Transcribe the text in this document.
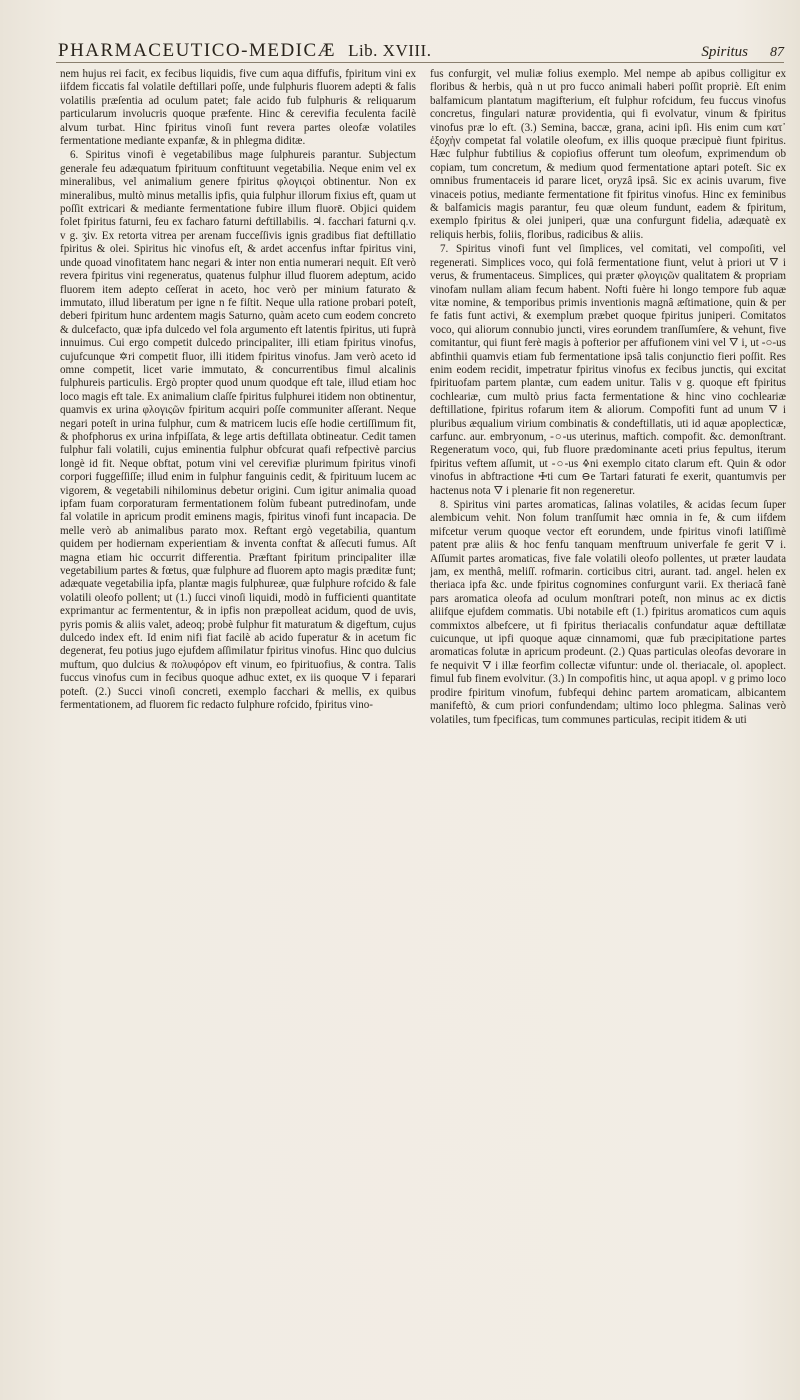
PHARMACEUTICO-MEDICÆ Lib. XVIII.	Spiritus 87

nem hujus rei facit, ex fecibus liquidis, five cum aqua diffufis, fpiritum vini ex iifdem ficcatis fal volatile deftillari poſſe, unde fulphuris fluorem adepti & falis volatilis præſentia ad oculum patet; fale acido fub fulphuris & reliquarum particularum involucris quoque præfente. Hinc & cerevifia feculenta facilè alvum turbat. Hinc fpiritus vinoſi funt revera partes oleofæ volatiles fermentatione mediante expanfæ, & in phlegma diditæ.

6. Spiritus vinofi è vegetabilibus mage ſulphureis parantur. Subjectum generale feu adæquatum fpirituum conftituunt vegetabilia. Neque enim vel ex mineralibus, vel animalium genere fpiritus φλογιςοὶ obtinentur. Non ex mineralibus, multò minus metallis ipfis, quia fulphur illorum fixius eft, quam ut poſſit extricari & mediante fermentatione fubire illum fluorē. Objici quidem folet fpiritus faturni, feu ex facharo faturni deftillabilis. ♃. facchari faturni q.v. v g. ʒiv. Ex retorta vitrea per arenam fucceſſivis ignis gradibus fiat deftillatio fpiritus & olei. Spiritus hic vinofus eſt, & ardet accenfus inftar fpiritus vini, unde quoad vinofitatem hanc negari & inter non entia numerari nequit. Eſt verò revera fpiritus vini regeneratus, quatenus fulphur illud fluorem adeptum, acido fluorem item adepto ceſſerat in aceto, hoc verò per minium faturato & immutato, illud liberatum per igne n fe fiſtit. Neque ulla ratione probari poteſt, deberi fpiritum hunc ardentem magis Saturno, quàm aceto cum eodem concreto & dulcefacto, quæ ipfa dulcedo vel fola argumento eft latentis fpiritus, uti fuprà innuimus. Cui ergo competit dulcedo principaliter, illi etiam fpiritus vinofus, cujufcunque ✡ri competit fluor, illi itidem fpiritus vinofus. Jam verò aceto id omne competit, licet varie immutato, & concurrentibus fimul alcalinis fulphureis particulis. Ergò propter quod unum quodque eft tale, illud etiam hoc loco magis eft tale. Ex animalium claſſe fpiritus fulphurei itidem non obtinentur, quamvis ex urina φλογιςῶν fpiritum acquiri poſſe communiter aſſerant. Neque negari poteſt in urina fulphur, cum & matricem lucis eſſe hodie certiſſimum fit, & phofphorus ex urina infpiſſata, & lege artis deftillata obtineatur. Cedit tamen fulphur fali volatili, cujus eminentia fulphur obfcurat quafi refpectivè parcius longè id fit. Neque obftat, potum vini vel cerevifiæ plurimum fpiritus vinofi corpori fuggeſſiſſe; illud enim in fulphur fanguinis cedit, & fpirituum lucem ac vigorem, & vegetabili nihilominus debetur origini. Cum igitur animalia quoad ipfam fuam corporaturam fermentationem folùm fubeant putredinofam, unde fal volatile in apricum prodit eminens magis, fpiritus vinofi funt incapacia. De melle verò ab animalibus parato mox. Reftant ergò vegetabilia, quantum quidem per hodiernam experientiam & inventa conftat & aſſecuti fumus. Aſt magna etiam hic occurrit differentia. Præftant fpiritum principaliter illæ vegetabilium partes & fœtus, quæ fulphure ad fluorem apto magis præditæ funt; adæquate vegetabilia ipfa, plantæ magis fulphureæ, quæ fulphure rofcido & fale volatili oleofo pollent; ut (1.) ſucci vinoſi liquidi, modò in fufficienti quantitate exprimantur ac fermententur, & in ipfis non præpolleat acidum, quod de uvis, pyris pomis & aliis valet, adeoq; probè fulphur fit maturatum & digeftum, cujus dulcedo index eft. Id enim nifi fiat facilè ab acido fuperatur & in acetum fic degenerat, feu potius jugo ejufdem aſſimilatur fpiritus vinofus. Hinc quo dulcius muftum, quo dulcius & πολυφόρον eft vinum, eo fpirituofius, & contra. Talis fuccus vinofus cum in fecibus quoque adhuc extet, ex iis quoque 🜄 i feparari poteſt. (2.) Succi vinoſi concreti, exemplo facchari & mellis, ex quibus fermentationem, ad fluorem fic redacto fulphure rofcido, fpiritus vino-

fus confurgit, vel muliæ folius exemplo. Mel nempe ab apibus colligitur ex floribus & herbis, quà n ut pro fucco animali haberi poſſit propriè. Eſt enim balfamicum plantatum magifterium, eſt fulphur rofcidum, feu fuccus vinofus concretus, fingulari naturæ providentia, qui fi evolvatur, vinum & fpiritus vinofus præ lo eft. (3.) Semina, baccæ, grana, acini ipſi. His enim cum κατ᾽ ἐξοχὴν competat fal volatile oleofum, ex illis quoque præcipuè fiunt fpiritus. Hæc fulphur fubtilius & copiofius offerunt tum oleofum, exprimendum ob copiam, tum concretum, & medium quod fermentatione aptari poteſt. Sic ex omnibus frumentaceis id parare licet, oryzâ ipsâ. Sic ex acinis uvarum, five vinaceis potius, mediante fermentatione fit fpiritus vinofus. Hinc ex feminibus & balfamicis magis parantur, feu quæ oleum fundunt, eadem & fpiritum, exemplo fpiritus & olei juniperi, quæ una confurgunt fidelia, adæquatè ex reliquis herbis, foliis, floribus, radicibus & aliis.

7. Spiritus vinofi funt vel ſimplices, vel comitati, vel compoſiti, vel regenerati. Simplices voco, qui folâ fermentatione fiunt, velut à priori ut 🜄 i verus, & frumentaceus. Simplices, qui præter φλογιςῶν qualitatem & propriam vinofam nullam aliam fecum habent. Nofti fuère hi longo tempore fub aquæ vitæ nomine, & temporibus primis inventionis magnâ æſtimatione, quin & per fe fatis funt activi, & exemplum præbet quoque fpiritus juniperi. Comitatos voco, qui aliorum connubio juncti, vires eorundem tranſſumſere, & vehunt, five comitantur, qui fiunt ferè magis à pofterior per affufionem vini vel 🜄 i, ut -○-us abfinthii quamvis etiam fub fermentatione ipsâ talis conjunctio fieri poſſit. Res enim eodem recidit, impetratur fpiritus vinofus ex fecibus junctis, qui excitat fpirituofam partem plantæ, cum eadem unitur. Talis v g. quoque eft fpiritus cochleariæ, cum multò prius facta fermentatione & hinc vino cochleariæ deftillatione, fpiritus rofarum item & aliorum. Compofiti funt ad unum 🜄 i pluribus æqualium virium combinatis & condeftillatis, uti id aquæ apoplecticæ, carfunc. aur. embryonum, -○-us uterinus, maftich. compofit. &c. demonſtrant. Regeneratum voco, qui, fub fluore prædominante aceti prius fepultus, iterum fpiritus veftem aſſumit, ut -○-us 🜍ni exemplo citato clarum eft. Quin & odor vinofus in abftractione 🜊ti cum ⊖e Tartari faturati fe exerit, quantumvis per hactenus nota 🜄 i plenarie fit non regeneretur.

8. Spiritus vini partes aromaticas, ſalinas volatiles, & acidas ſecum ſuper alembicum vehit. Non folum tranſſumit hæc omnia in fe, & cum iifdem mifcetur verum quoque vector eft eorundem, unde fpiritus vinofi latiſſimè patent præ aliis & hoc fenfu tanquam menftruum univerfale fe gerit 🜄 i. Aſſumit partes aromaticas, five fale volatili oleofo pollentes, ut præter laudata jam, ex menthâ, meliſſ. rofmarin. corticibus citri, aurant. tad. angel. helen ex theriaca ipfa &c. unde fpiritus cognomines confurgunt varii. Ex theriacâ fanè pars aromatica oleofa ad oculum monſtrari poteſt, non minus ac ex dictis aliifque ejufdem commatis. Ubi notabile eft (1.) fpiritus aromaticos cum aquis commixtos albefcere, ut fi fpiritus theriacalis confundatur aquæ deftillatæ cuicunque, ut ipfi quoque aquæ cinnamomi, quæ fub præcipitatione partes aromaticas folutæ in apricum prodeunt. (2.) Quas particulas oleofas devorare in fe nequivit 🜄 i illæ feorfim collectæ vifuntur: unde ol. theriacale, ol. apoplect. fimul fub finem evolvitur. (3.) In compofitis hinc, ut aqua apopl. v g primo loco prodire fpiritum vinofum, fubfequi dehinc partem aromaticam, albicantem manifeftò, & cum priori confundendam; ultimo loco phlegma. Salinas verò volatiles, tum fpecificas, tum communes particulas, recipit itidem & uti
